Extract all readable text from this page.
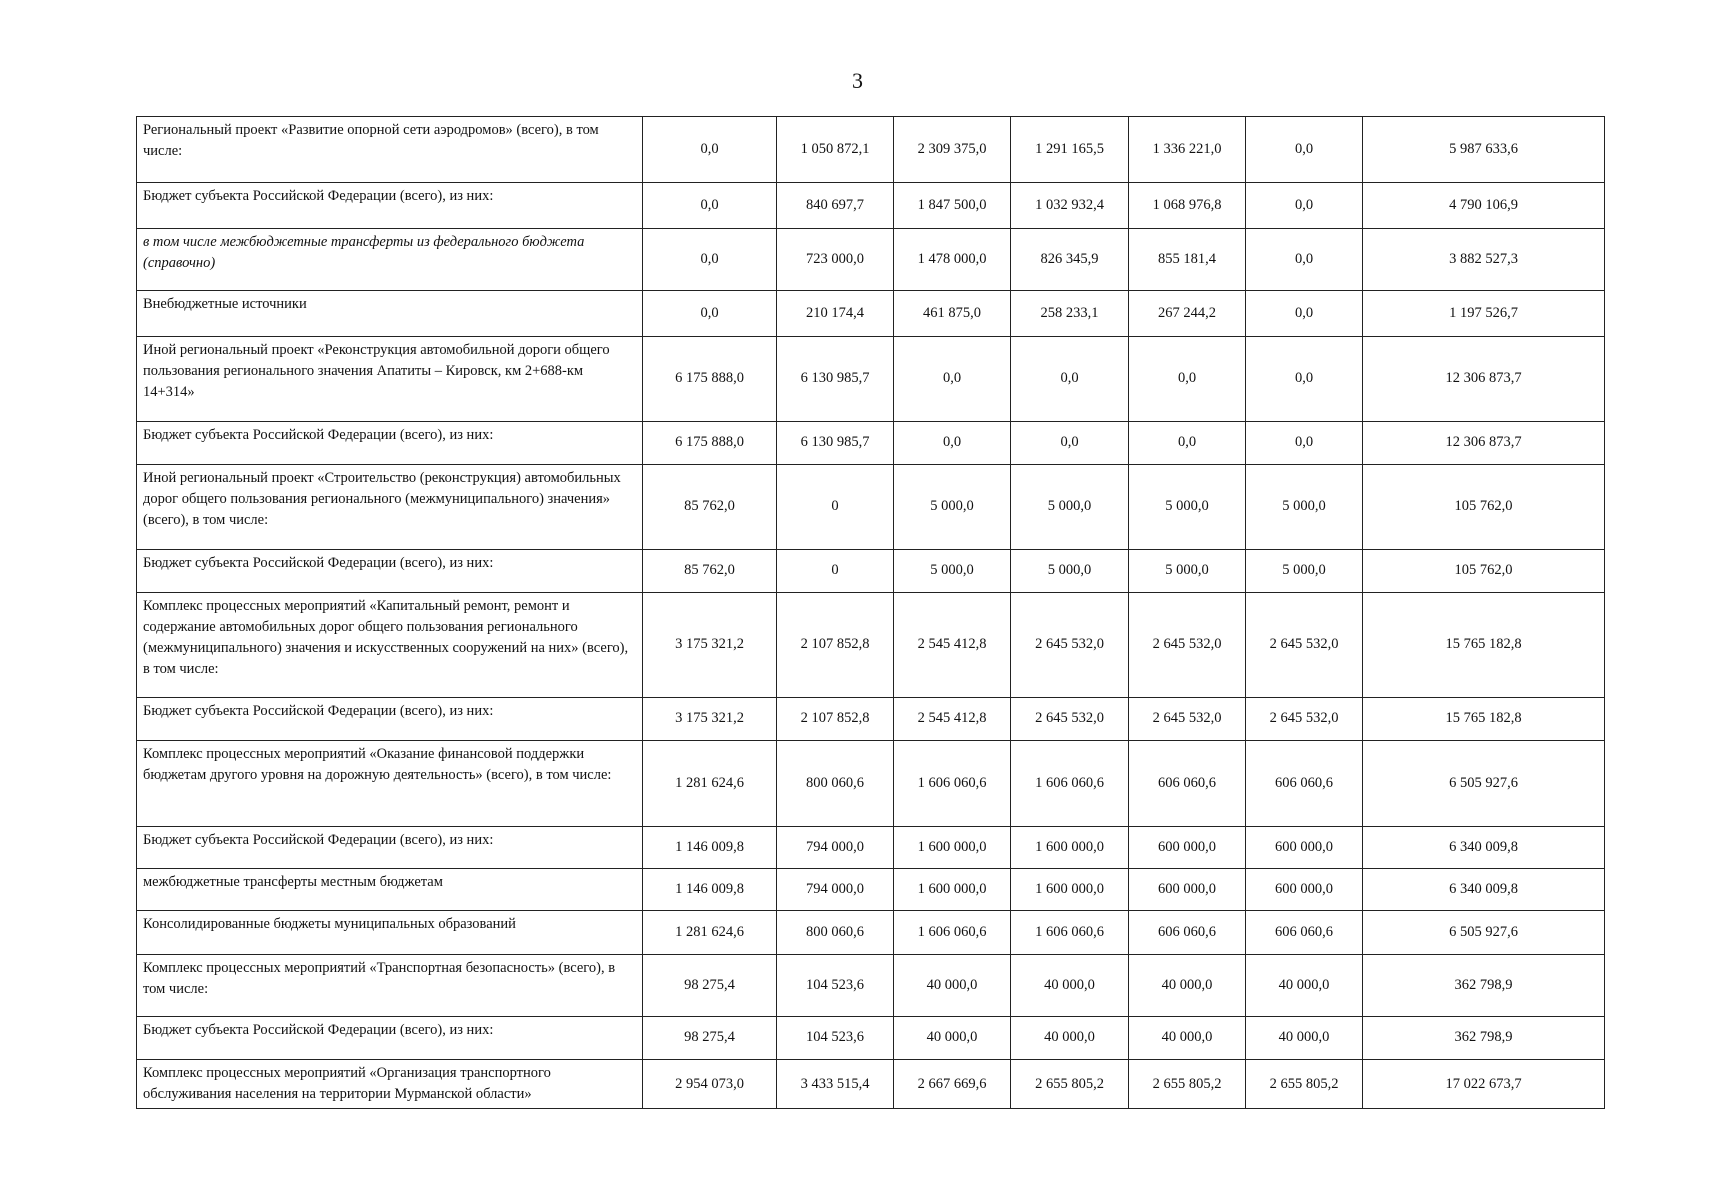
3
Региональный проект «Развитие опорной сети аэродромов» (всего), в том числе:	0,0	1 050 872,1	2 309 375,0	1 291 165,5	1 336 221,0	0,0	5 987 633,6
Бюджет субъекта Российской Федерации (всего), из них:	0,0	840 697,7	1 847 500,0	1 032 932,4	1 068 976,8	0,0	4 790 106,9
в том числе межбюджетные трансферты из федерального бюджета (справочно)	0,0	723 000,0	1 478 000,0	826 345,9	855 181,4	0,0	3 882 527,3
Внебюджетные источники	0,0	210 174,4	461 875,0	258 233,1	267 244,2	0,0	1 197 526,7
Иной региональный проект «Реконструкция автомобильной дороги общего пользования регионального значения Апатиты – Кировск, км 2+688-км 14+314»	6 175 888,0	6 130 985,7	0,0	0,0	0,0	0,0	12 306 873,7
Бюджет субъекта Российской Федерации (всего), из них:	6 175 888,0	6 130 985,7	0,0	0,0	0,0	0,0	12 306 873,7
Иной региональный проект «Строительство (реконструкция) автомобильных дорог общего пользования регионального (межмуниципального) значения» (всего), в том числе:	85 762,0	0	5 000,0	5 000,0	5 000,0	5 000,0	105 762,0
Бюджет субъекта Российской Федерации (всего), из них:	85 762,0	0	5 000,0	5 000,0	5 000,0	5 000,0	105 762,0
Комплекс процессных мероприятий «Капитальный ремонт, ремонт и содержание автомобильных дорог общего пользования регионального (межмуниципального) значения и искусственных сооружений на них» (всего), в том числе:	3 175 321,2	2 107 852,8	2 545 412,8	2 645 532,0	2 645 532,0	2 645 532,0	15 765 182,8
Бюджет субъекта Российской Федерации (всего), из них:	3 175 321,2	2 107 852,8	2 545 412,8	2 645 532,0	2 645 532,0	2 645 532,0	15 765 182,8
Комплекс процессных мероприятий «Оказание финансовой поддержки бюджетам другого уровня на дорожную деятельность» (всего), в том числе:	1 281 624,6	800 060,6	1 606 060,6	1 606 060,6	606 060,6	606 060,6	6 505 927,6
Бюджет субъекта Российской Федерации (всего), из них:	1 146 009,8	794 000,0	1 600 000,0	1 600 000,0	600 000,0	600 000,0	6 340 009,8
межбюджетные трансферты местным бюджетам	1 146 009,8	794 000,0	1 600 000,0	1 600 000,0	600 000,0	600 000,0	6 340 009,8
Консолидированные бюджеты муниципальных образований	1 281 624,6	800 060,6	1 606 060,6	1 606 060,6	606 060,6	606 060,6	6 505 927,6
Комплекс процессных мероприятий «Транспортная безопасность» (всего), в том числе:	98 275,4	104 523,6	40 000,0	40 000,0	40 000,0	40 000,0	362 798,9
Бюджет субъекта Российской Федерации (всего), из них:	98 275,4	104 523,6	40 000,0	40 000,0	40 000,0	40 000,0	362 798,9
Комплекс процессных мероприятий «Организация транспортного обслуживания населения на территории Мурманской области»	2 954 073,0	3 433 515,4	2 667 669,6	2 655 805,2	2 655 805,2	2 655 805,2	17 022 673,7
